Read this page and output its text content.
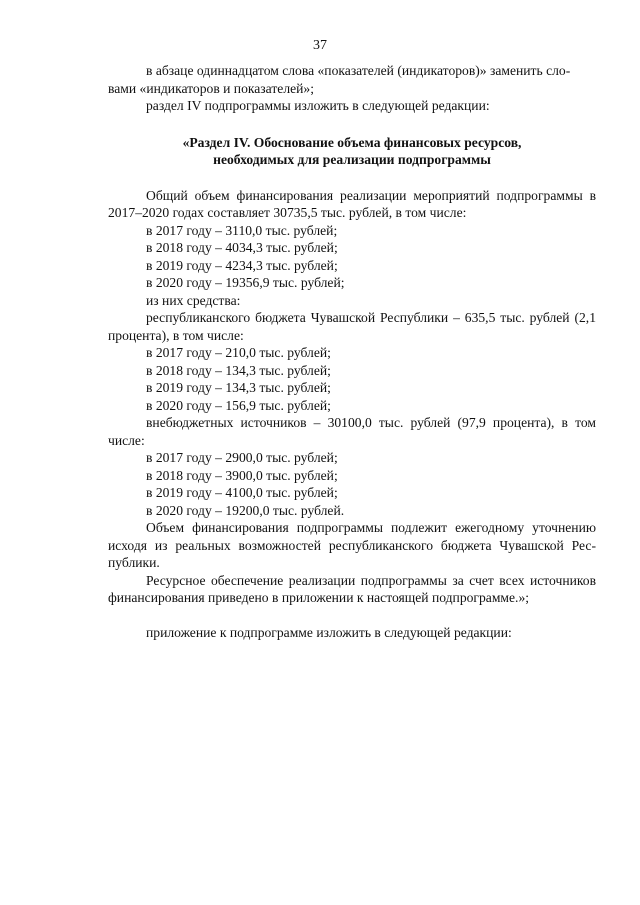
37

в абзаце одиннадцатом слова «показателей (индикаторов)» заменить сло-

вами «индикаторов и показателей»;

раздел IV подпрограммы изложить в следующей редакции:

«Раздел IV. Обоснование объема финансовых ресурсов,
необходимых для реализации подпрограммы

Общий объем финансирования реализации мероприятий подпрограммы в 2017–2020 годах составляет 30735,5 тыс. рублей, в том числе:

в 2017 году – 3110,0 тыс. рублей;

в 2018 году – 4034,3 тыс. рублей;

в 2019 году – 4234,3 тыс. рублей;

в 2020 году – 19356,9 тыс. рублей;

из них средства:

республиканского бюджета Чувашской Республики – 635,5 тыс. рублей (2,1 процента), в том числе:

в 2017 году – 210,0 тыс. рублей;

в 2018 году – 134,3 тыс. рублей;

в 2019 году – 134,3 тыс. рублей;

в 2020 году – 156,9 тыс. рублей;

внебюджетных источников – 30100,0 тыс. рублей (97,9 процента), в том числе:

в 2017 году – 2900,0 тыс. рублей;

в 2018 году – 3900,0 тыс. рублей;

в 2019 году – 4100,0 тыс. рублей;

в 2020 году – 19200,0 тыс. рублей.

Объем финансирования подпрограммы подлежит ежегодному уточнению исходя из реальных возможностей республиканского бюджета Чувашской Рес-публики.

Ресурсное обеспечение реализации подпрограммы за счет всех источников финансирования приведено в приложении к настоящей подпрограмме.»;

приложение к подпрограмме изложить в следующей редакции:
